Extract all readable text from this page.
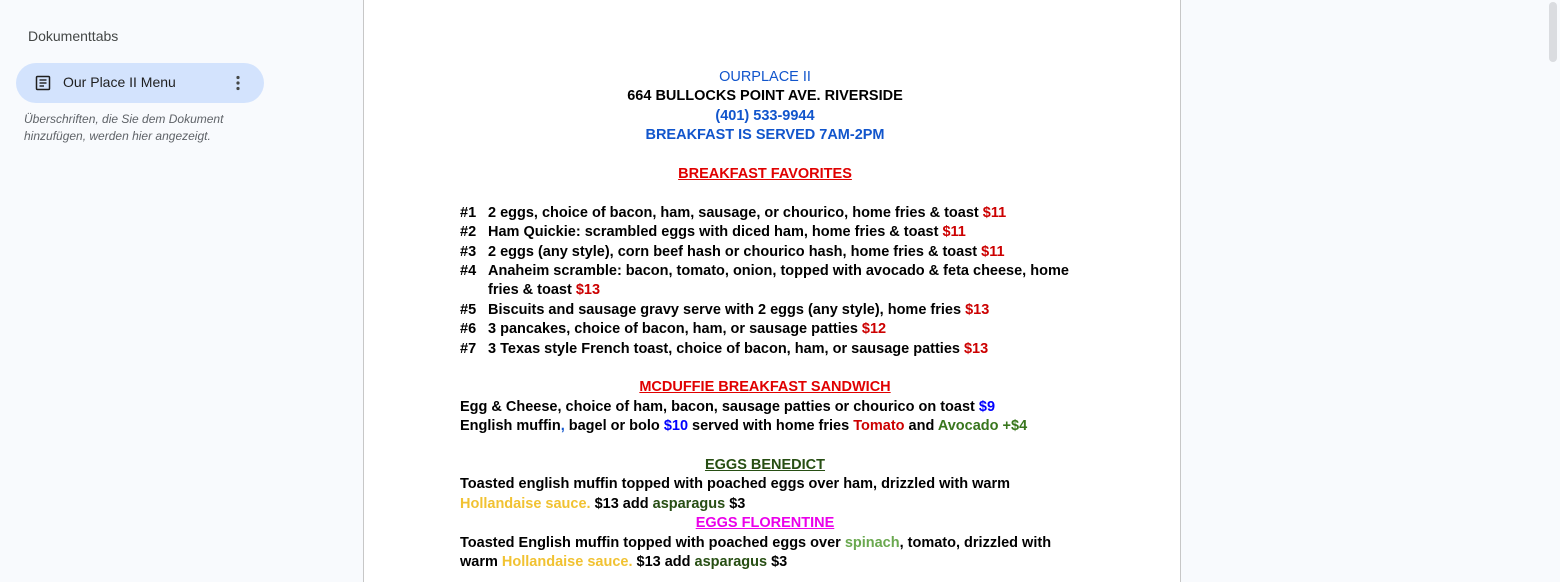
Dokumenttabs
Our Place II Menu
Überschriften, die Sie dem Dokument hinzufügen, werden hier angezeigt.
OURPLACE II
664 BULLOCKS POINT AVE. RIVERSIDE
(401) 533-9944
BREAKFAST IS SERVED 7AM-2PM
BREAKFAST FAVORITES
#1 2 eggs, choice of bacon, ham, sausage, or chourico, home fries & toast $11
#2 Ham Quickie: scrambled eggs with diced ham, home fries & toast $11
#3 2 eggs (any style), corn beef hash or chourico hash, home fries & toast $11
#4 Anaheim scramble: bacon, tomato, onion, topped with avocado & feta cheese, home fries & toast $13
#5 Biscuits and sausage gravy serve with 2 eggs (any style), home fries $13
#6 3 pancakes, choice of bacon, ham, or sausage patties $12
#7 3 Texas style French toast, choice of bacon, ham, or sausage patties $13
MCDUFFIE BREAKFAST SANDWICH
Egg & Cheese, choice of ham, bacon, sausage patties or chourico on toast $9
English muffin, bagel or bolo $10 served with home fries Tomato and Avocado +$4
EGGS BENEDICT
Toasted english muffin topped with poached eggs over ham, drizzled with warm
Hollandaise sauce. $13 add asparagus $3
EGGS FLORENTINE
Toasted English muffin topped with poached eggs over spinach, tomato, drizzled with
warm Hollandaise sauce. $13 add asparagus $3
